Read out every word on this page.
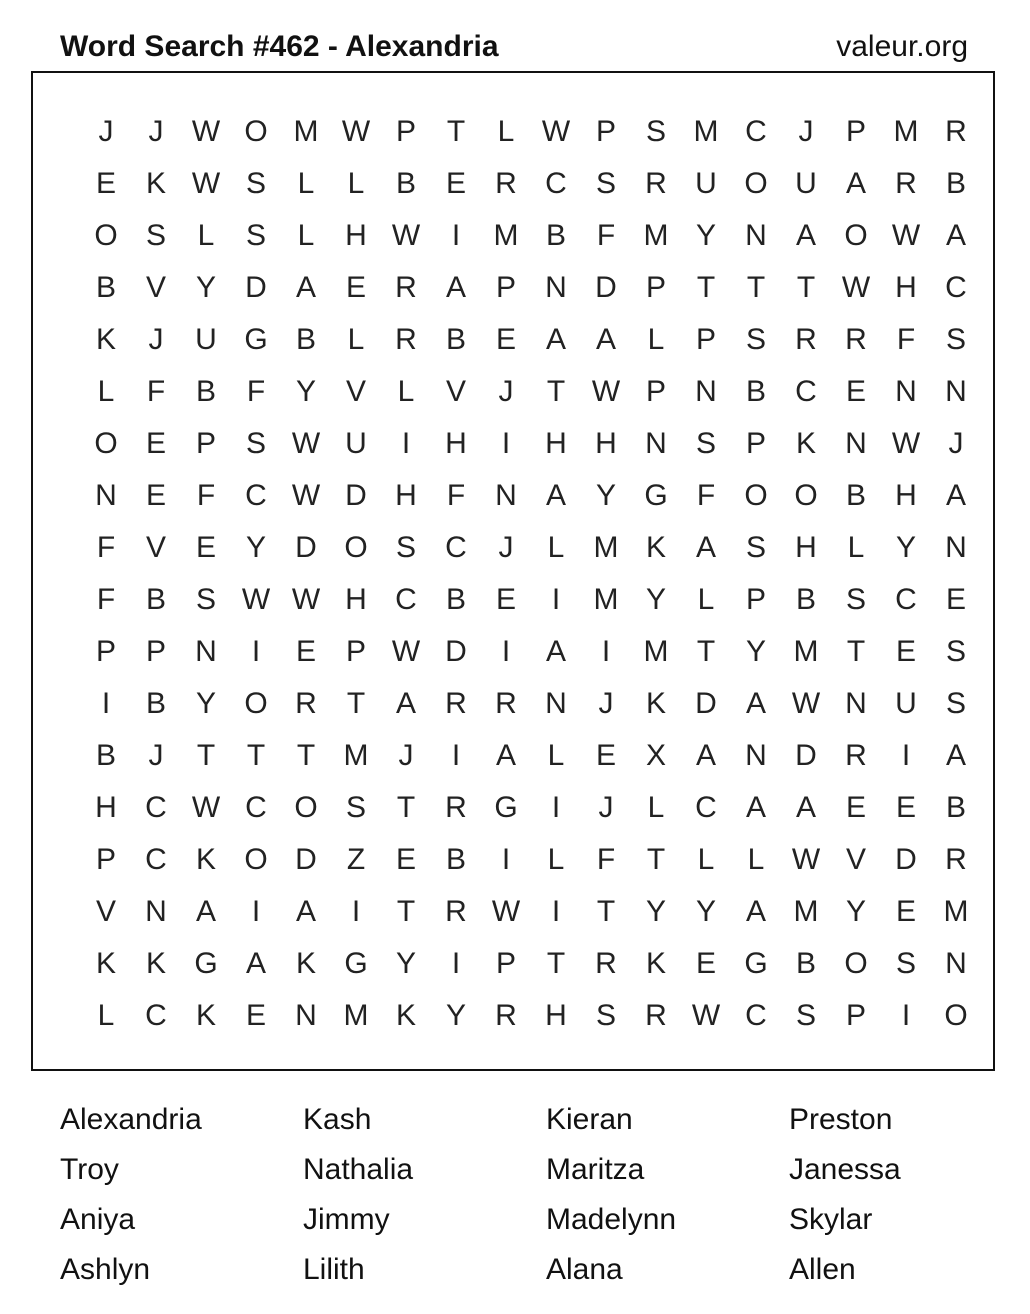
Word Search #462 - Alexandria	valeur.org
J	J W O M W P	T	L W P S M C	J	P M R
E K W S	L	L	B E R C S R U O U A R B
O S	L	S	L	H W	I	M B	F M Y N A O W A
B V Y D A E R A P N D P	T	T	T W H C
K	J	U G B	L	R B E A A	L	P S R R	F	S
L	F	B	F	Y V	L	V	J	T W P N B C E N N
O E P S W U	I	H	I	H H N S P K N W J
N E	F	C W D H	F	N A Y G F O O B H A
F	V E Y D O S C	J	L M K A S H	L	Y N
F	B S W W H C B E	I	M Y	L	P B S C E
P P N	I	E P W D	I	A	I	M T	Y M T	E S
I	B Y O R	T	A R R N	J	K D A W N U S
B	J	T	T	T M	J	I	A	L	E X A N D R	I	A
H C W C O S	T	R G	I	J	L	C A A E E B
P C K O D	Z	E B	I	L	F	T	L	L W V D R
V N A	I	A	I	T	R W	I	T	Y Y A M Y E M
K K G A K G Y	I	P	T	R K E G B O S N
L	C K E N M K Y R H S R W C S P	I	O
Alexandria	Kash	Kieran	Preston
Troy	Nathalia	Maritza	Janessa
Aniya	Jimmy	Madelynn	Skylar
Ashlyn	Lilith	Alana	Allen
